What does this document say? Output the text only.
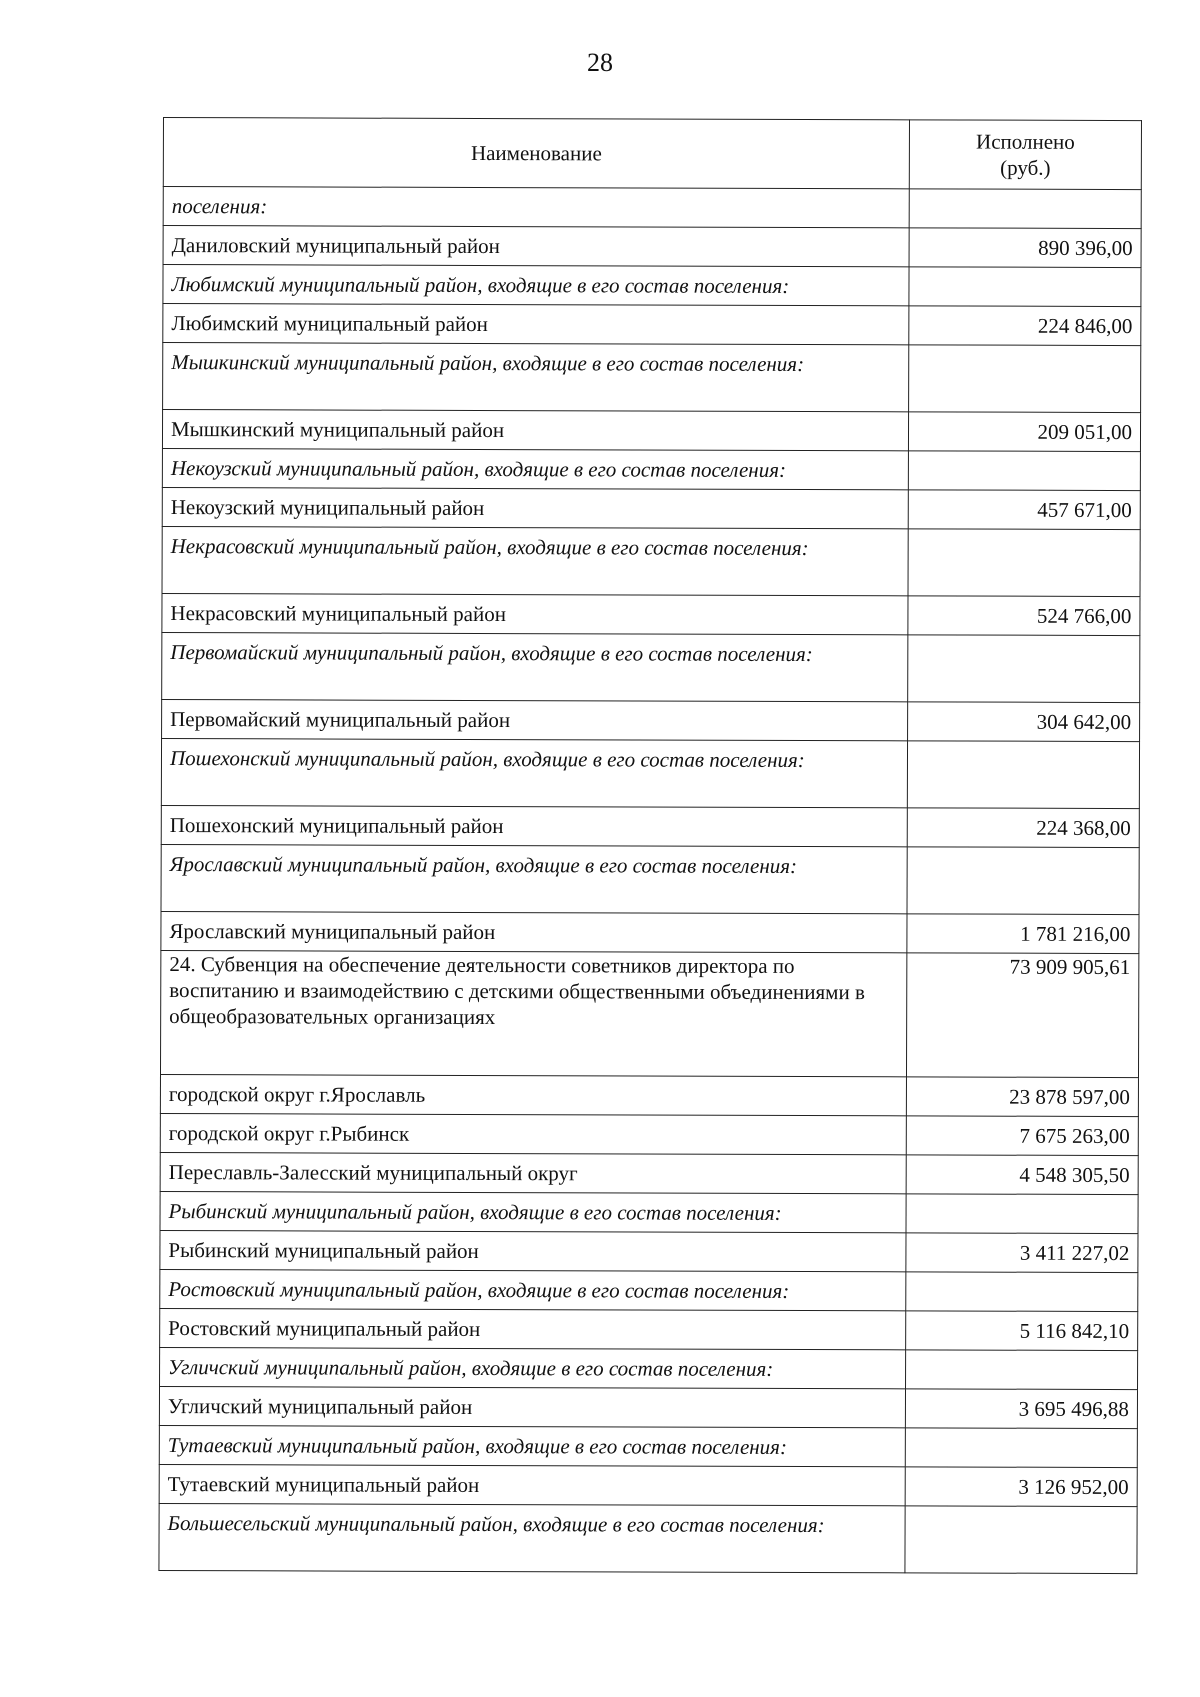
28
Наименование	Исполнено
(руб.)

поселения:	
Даниловский муниципальный район	890 396,00
Любимский муниципальный район, входящие в его состав поселения:	
Любимский муниципальный район	224 846,00
Мышкинский муниципальный район, входящие в его состав поселения:	
Мышкинский муниципальный район	209 051,00
Некоузский муниципальный район, входящие в его состав поселения:	
Некоузский муниципальный район	457 671,00
Некрасовский муниципальный район, входящие в его состав поселения:	
Некрасовский муниципальный район	524 766,00
Первомайский муниципальный район, входящие в его состав поселения:	
Первомайский муниципальный район	304 642,00
Пошехонский муниципальный район, входящие в его состав поселения:	
Пошехонский муниципальный район	224 368,00
Ярославский муниципальный район, входящие в его состав поселения:	
Ярославский муниципальный район	1 781 216,00
24. Субвенция на обеспечение деятельности советников директора по воспитанию и взаимодействию с детскими общественными объединениями в общеобразовательных организациях	73 909 905,61
городской округ г.Ярославль	23 878 597,00
городской округ г.Рыбинск	7 675 263,00
Переславль-Залесский муниципальный округ	4 548 305,50
Рыбинский муниципальный район, входящие в его состав поселения:	
Рыбинский муниципальный район	3 411 227,02
Ростовский муниципальный район, входящие в его состав поселения:	
Ростовский муниципальный район	5 116 842,10
Угличский муниципальный район, входящие в его состав поселения:	
Угличский муниципальный район	3 695 496,88
Тутаевский муниципальный район, входящие в его состав поселения:	
Тутаевский муниципальный район	3 126 952,00
Большесельский муниципальный район, входящие в его состав поселения:	
